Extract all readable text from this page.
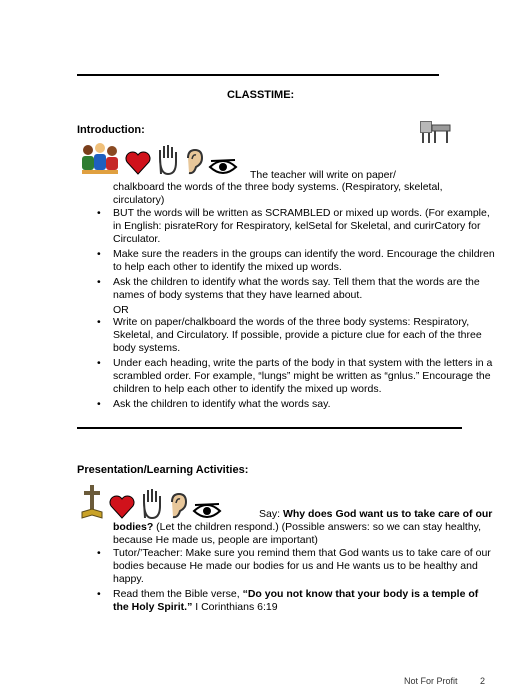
CLASSTIME:
Introduction:
The teacher will write on paper/
chalkboard the words of the three body systems. (Respiratory, skeletal, circulatory)
• BUT the words will be written as SCRAMBLED or mixed up words. (For example, in English: pisrateRory for Respiratory, kelSetal for Skeletal, and curirCatory for Circulator.
• Make sure the readers in the groups can identify the word. Encourage the children to help each other to identify the mixed up words.
• Ask the children to identify what the words say. Tell them that the words are the names of body systems that they have learned about.
OR
• Write on paper/chalkboard the words of the three body systems: Respiratory, Skeletal, and Circulatory. If possible, provide a picture clue for each of the three body systems.
• Under each heading, write the parts of the body in that system with the letters in a scrambled order. For example, “lungs” might be written as “gnlus.” Encourage the children to help each other to identify the mixed up words.
• Ask the children to identify what the words say.
Presentation/Learning Activities:
Say: Why does God want us to take care of our bodies? (Let the children respond.) (Possible answers: so we can stay healthy, because He made us, people are important)
• Tutor/’Teacher: Make sure you remind them that God wants us to take care of our bodies because He made our bodies for us and He wants us to be healthy and happy.
• Read them the Bible verse, “Do you not know that your body is a temple of the Holy Spirit.” I Corinthians 6:19
Not For Profit 2
